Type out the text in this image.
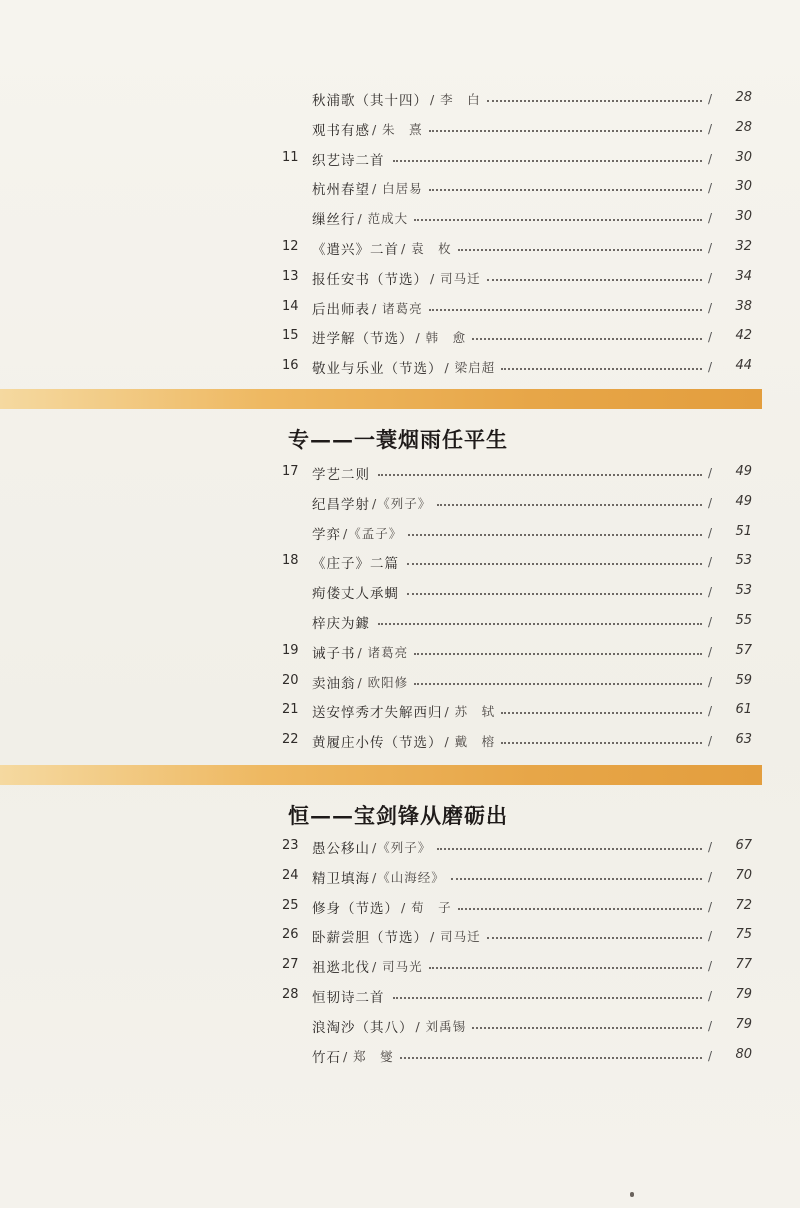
秋浦歌（其十四） / 李　白	/	28
观书有感 / 朱　熹	/	28
11 织艺诗二首	/	30
杭州春望 / 白居易	/	30
缫丝行 / 范成大	/	30
12 《遣兴》二首 / 袁　枚	/	32
13 报任安书（节选） / 司马迁	/	34
14 后出师表 / 诸葛亮	/	38
15 进学解（节选） / 韩　愈	/	42
16 敬业与乐业（节选） / 梁启超	/	44
17 学艺二则	/	49
纪昌学射 /《列子》	/	49
学弈 /《孟子》	/	51
18 《庄子》二篇	/	53
痀偻丈人承蜩	/	53
梓庆为鐻	/	55
19 诫子书 / 诸葛亮	/	57
20 卖油翁 / 欧阳修	/	59
21 送安惇秀才失解西归 / 苏　轼	/	61
22 黄履庄小传（节选） / 戴　榕	/	63
23 愚公移山 /《列子》	/	67
24 精卫填海 /《山海经》	/	70
25 修身（节选） / 荀　子	/	72
26 卧薪尝胆（节选） / 司马迁	/	75
27 祖逖北伐 / 司马光	/	77
28 恒韧诗二首	/	79
浪淘沙（其八） / 刘禹锡	/	79
竹石 / 郑　燮	/	80
专——一蓑烟雨任平生
恒——宝剑锋从磨砺出
